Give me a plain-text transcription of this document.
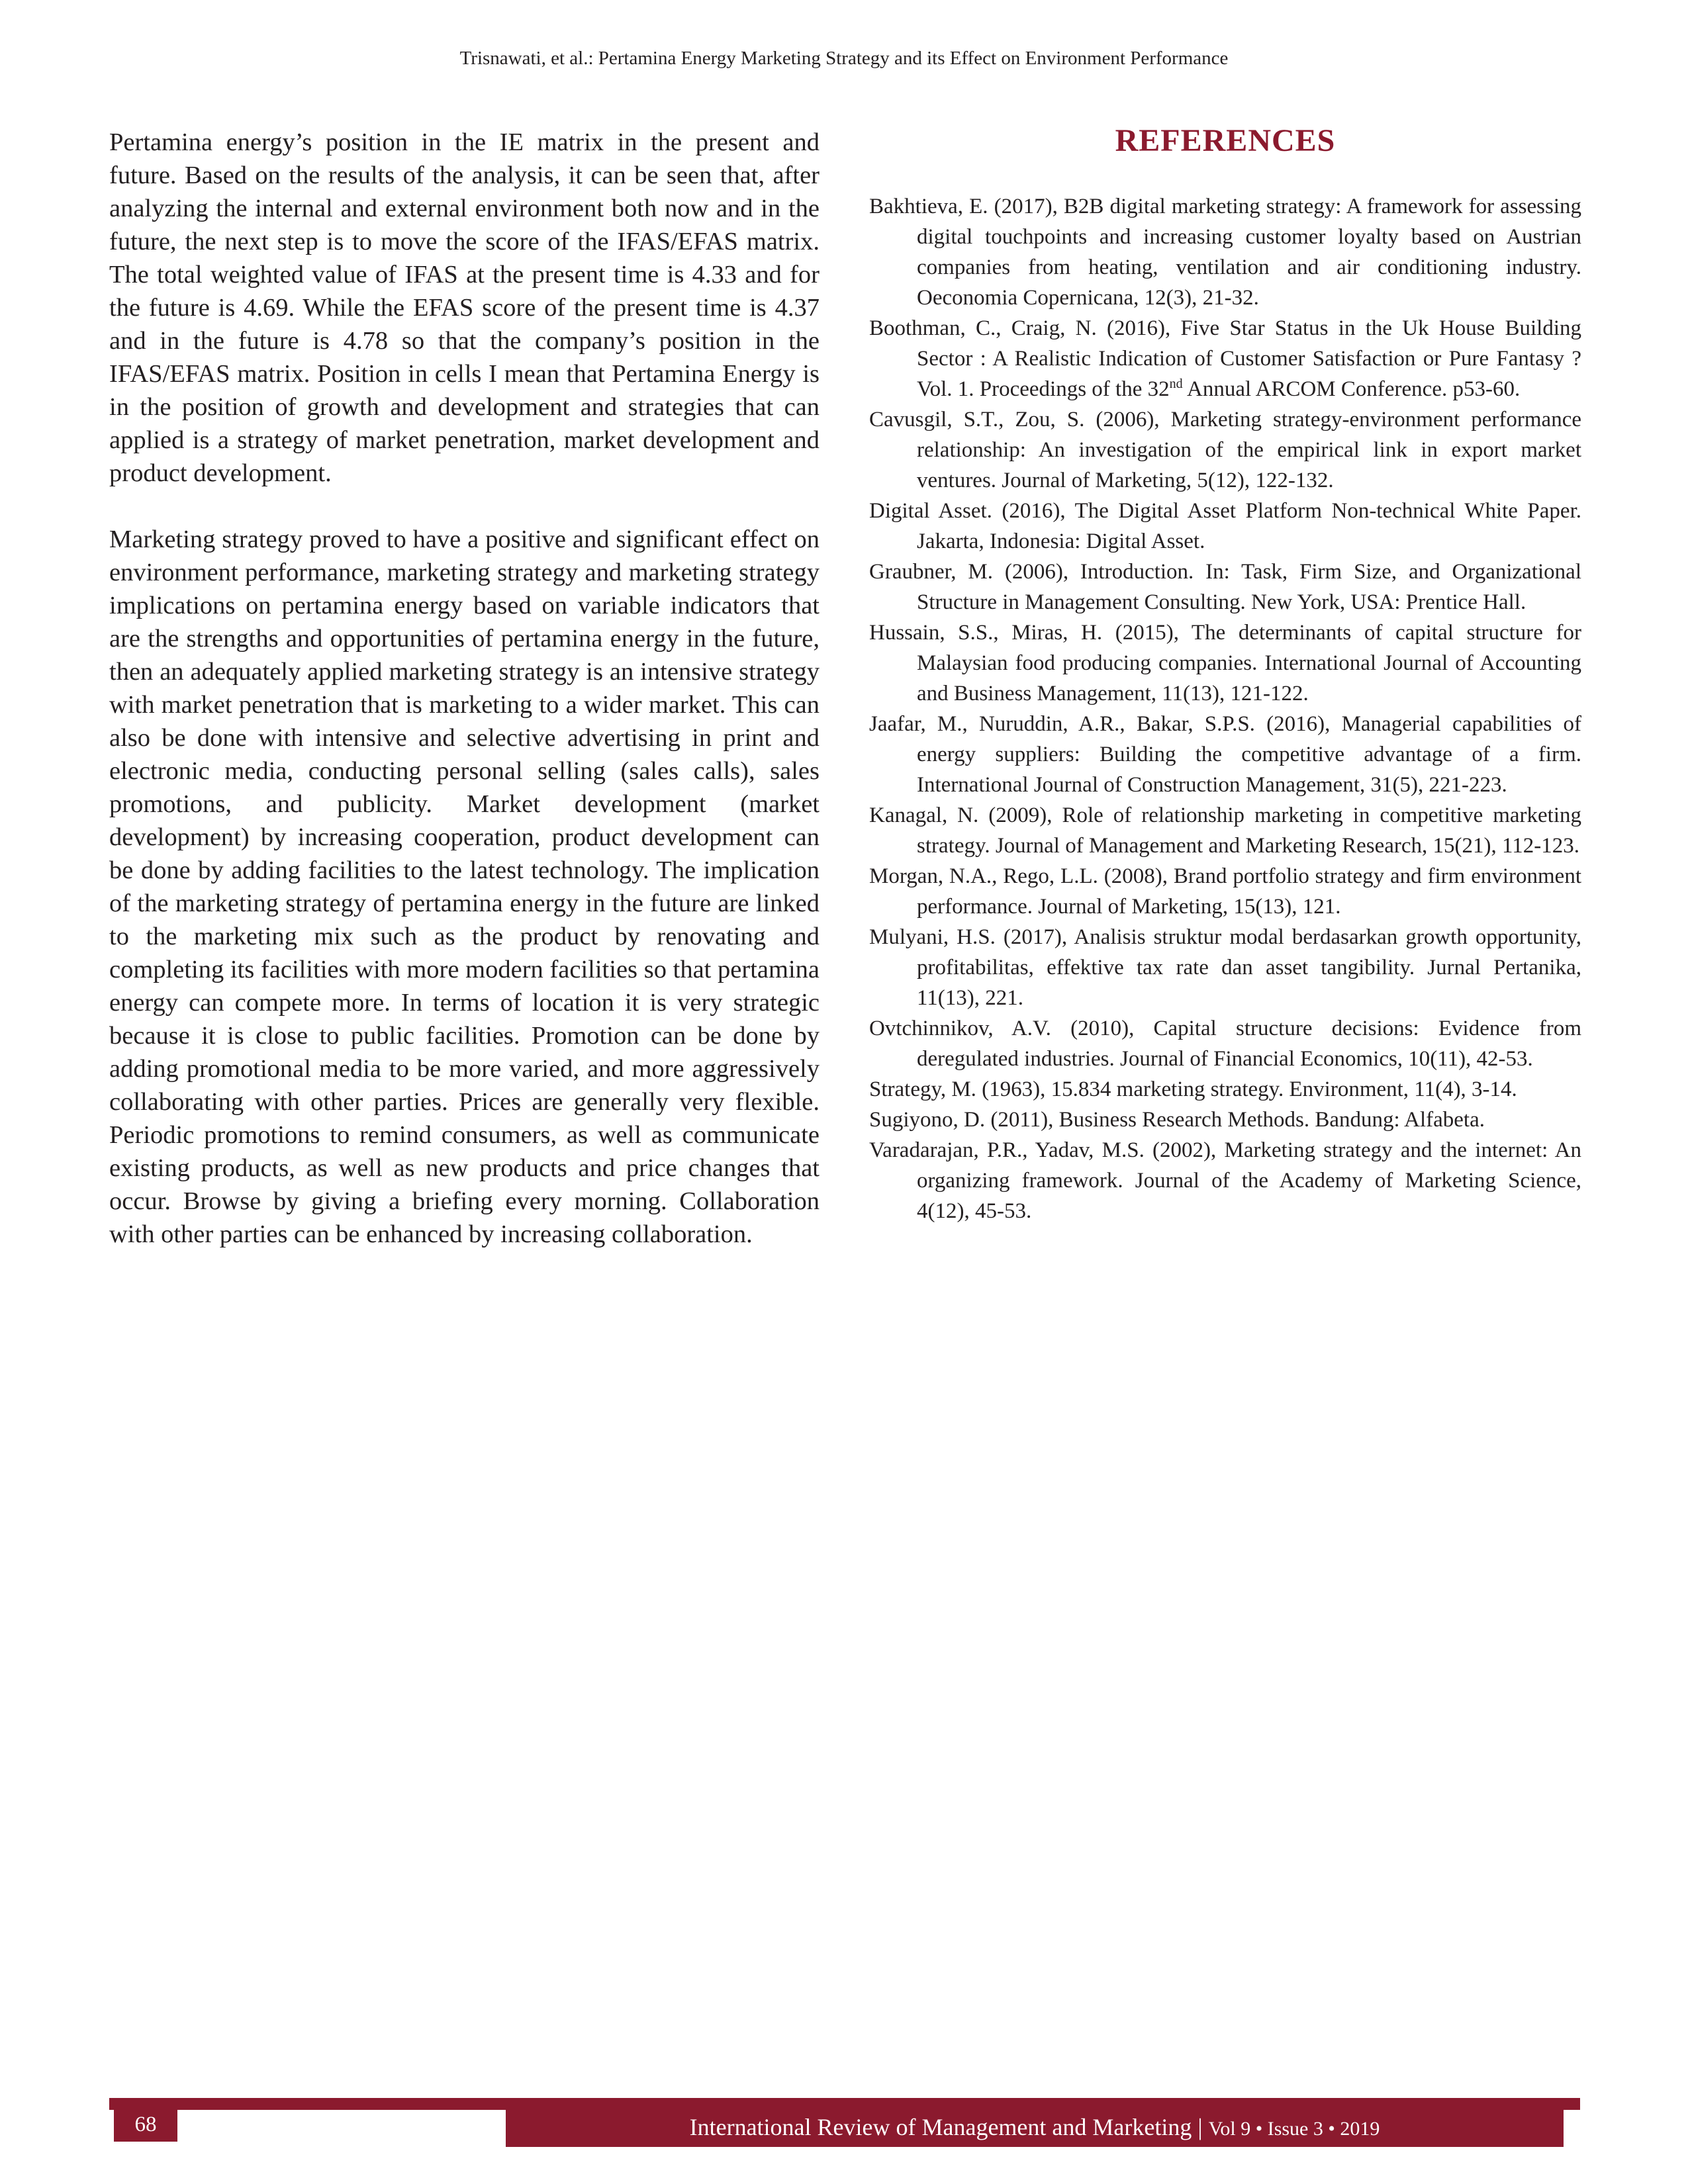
Trisnawati, et al.: Pertamina Energy Marketing Strategy and its Effect on Environment Performance

Pertamina energy’s position in the IE matrix in the present and future. Based on the results of the analysis, it can be seen that, after analyzing the internal and external environment both now and in the future, the next step is to move the score of the IFAS/EFAS matrix. The total weighted value of IFAS at the present time is 4.33 and for the future is 4.69. While the EFAS score of the present time is 4.37 and in the future is 4.78 so that the company’s position in the IFAS/EFAS matrix. Position in cells I mean that Pertamina Energy is in the position of growth and development and strategies that can applied is a strategy of market penetration, market development and product development.

Marketing strategy proved to have a positive and significant effect on environment performance, marketing strategy and marketing strategy implications on pertamina energy based on variable indicators that are the strengths and opportunities of pertamina energy in the future, then an adequately applied marketing strategy is an intensive strategy with market penetration that is marketing to a wider market. This can also be done with intensive and selective advertising in print and electronic media, conducting personal selling (sales calls), sales promotions, and publicity. Market development (market development) by increasing cooperation, product development can be done by adding facilities to the latest technology. The implication of the marketing strategy of pertamina energy in the future are linked to the marketing mix such as the product by renovating and completing its facilities with more modern facilities so that pertamina energy can compete more. In terms of location it is very strategic because it is close to public facilities. Promotion can be done by adding promotional media to be more varied, and more aggressively collaborating with other parties. Prices are generally very flexible. Periodic promotions to remind consumers, as well as communicate existing products, as well as new products and price changes that occur. Browse by giving a briefing every morning. Collaboration with other parties can be enhanced by increasing collaboration.

REFERENCES
Bakhtieva, E. (2017), B2B digital marketing strategy: A framework for assessing digital touchpoints and increasing customer loyalty based on Austrian companies from heating, ventilation and air conditioning industry. Oeconomia Copernicana, 12(3), 21-32.
Boothman, C., Craig, N. (2016), Five Star Status in the Uk House Building Sector : A Realistic Indication of Customer Satisfaction or Pure Fantasy ? Vol. 1. Proceedings of the 32nd Annual ARCOM Conference. p53-60.
Cavusgil, S.T., Zou, S. (2006), Marketing strategy-environment performance relationship: An investigation of the empirical link in export market ventures. Journal of Marketing, 5(12), 122-132.
Digital Asset. (2016), The Digital Asset Platform Non-technical White Paper. Jakarta, Indonesia: Digital Asset.
Graubner, M. (2006), Introduction. In: Task, Firm Size, and Organizational Structure in Management Consulting. New York, USA: Prentice Hall.
Hussain, S.S., Miras, H. (2015), The determinants of capital structure for Malaysian food producing companies. International Journal of Accounting and Business Management, 11(13), 121-122.
Jaafar, M., Nuruddin, A.R., Bakar, S.P.S. (2016), Managerial capabilities of energy suppliers: Building the competitive advantage of a firm. International Journal of Construction Management, 31(5), 221-223.
Kanagal, N. (2009), Role of relationship marketing in competitive marketing strategy. Journal of Management and Marketing Research, 15(21), 112-123.
Morgan, N.A., Rego, L.L. (2008), Brand portfolio strategy and firm environment performance. Journal of Marketing, 15(13), 121.
Mulyani, H.S. (2017), Analisis struktur modal berdasarkan growth opportunity, profitabilitas, effektive tax rate dan asset tangibility. Jurnal Pertanika, 11(13), 221.
Ovtchinnikov, A.V. (2010), Capital structure decisions: Evidence from deregulated industries. Journal of Financial Economics, 10(11), 42-53.
Strategy, M. (1963), 15.834 marketing strategy. Environment, 11(4), 3-14.
Sugiyono, D. (2011), Business Research Methods. Bandung: Alfabeta.
Varadarajan, P.R., Yadav, M.S. (2002), Marketing strategy and the internet: An organizing framework. Journal of the Academy of Marketing Science, 4(12), 45-53.
68	International Review of Management and Marketing | Vol 9 • Issue 3 • 2019
